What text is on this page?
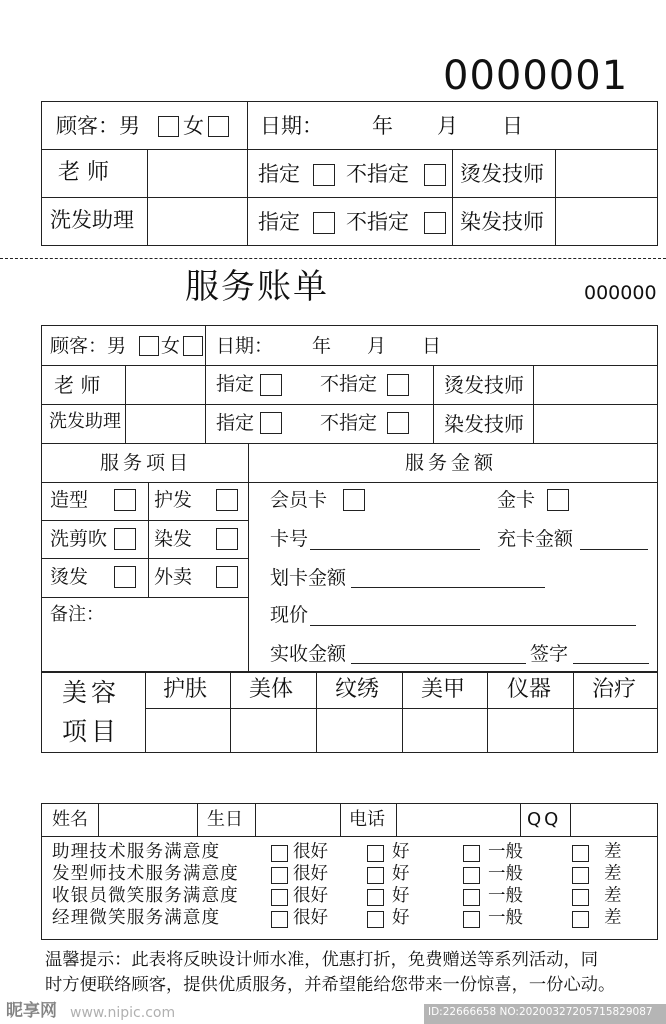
0000001
顾客：男 女	日期： 年 月 日
老 师	指定 不指定 烫发技师
洗发助理	指定 不指定 染发技师
服务账单	000000
顾客：男 女 日期： 年 月 日
老 师	指定	不指定	烫发技师
洗发助理	指定	不指定	染发技师
服务项目	服务金额
造型	护发
洗剪吹 染发
烫发	外卖
备注：
会员卡	金卡
卡号	充卡金额
划卡金额
现价
实收金额	签字
美容
项目
护肤 美体 纹绣 美甲 仪器 治疗
姓名	生日	电话	QQ
助理技术服务满意度	很好	好	一般	差
发型师技术服务满意度	很好	好	一般	差
收银员微笑服务满意度	很好	好	一般	差
经理微笑服务满意度	很好	好	一般	差
温馨提示：此表将反映设计师水准，优惠打折，免费赠送等系列活动，同
时方便联络顾客，提供优质服务，并希望能给您带来一份惊喜，一份心动。
昵享网 www.nipic.com	ID:22666658 NO:20200327205715829087
